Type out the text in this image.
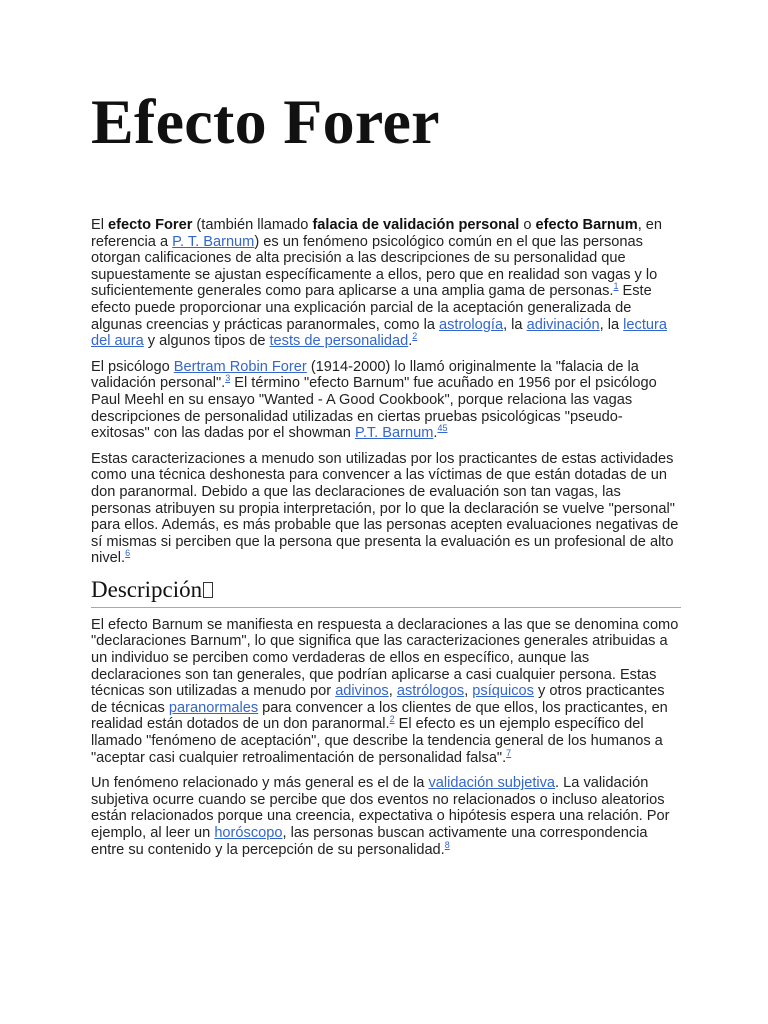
Efecto Forer

El efecto Forer (también llamado falacia de validación personal o efecto Barnum, en referencia a P. T. Barnum) es un fenómeno psicológico común en el que las personas otorgan calificaciones de alta precisión a las descripciones de su personalidad que supuestamente se ajustan específicamente a ellos, pero que en realidad son vagas y lo suficientemente generales como para aplicarse a una amplia gama de personas.$^1$ Este efecto puede proporcionar una explicación parcial de la aceptación generalizada de algunas creencias y prácticas paranormales, como la astrología, la adivinación, la lectura del aura y algunos tipos de tests de personalidad.$^2$

El psicólogo Bertram Robin Forer (1914-2000) lo llamó originalmente la "falacia de la validación personal".$^3$ El término "efecto Barnum" fue acuñado en 1956 por el psicólogo Paul Meehl en su ensayo "Wanted - A Good Cookbook", porque relaciona las vagas descripciones de personalidad utilizadas en ciertas pruebas psicológicas "pseudo-exitosas" con las dadas por el showman P.T. Barnum.$^{45}$

Estas caracterizaciones a menudo son utilizadas por los practicantes de estas actividades como una técnica deshonesta para convencer a las víctimas de que están dotadas de un don paranormal. Debido a que las declaraciones de evaluación son tan vagas, las personas atribuyen su propia interpretación, por lo que la declaración se vuelve "personal" para ellos. Además, es más probable que las personas acepten evaluaciones negativas de sí mismas si perciben que la persona que presenta la evaluación es un profesional de alto nivel.$^6$

Descripción

El efecto Barnum se manifiesta en respuesta a declaraciones a las que se denomina como "declaraciones Barnum", lo que significa que las caracterizaciones generales atribuidas a un individuo se perciben como verdaderas de ellos en específico, aunque las declaraciones son tan generales, que podrían aplicarse a casi cualquier persona. Estas técnicas son utilizadas a menudo por adivinos, astrólogos, psíquicos y otros practicantes de técnicas paranormales para convencer a los clientes de que ellos, los practicantes, en realidad están dotados de un don paranormal.$^2$ El efecto es un ejemplo específico del llamado "fenómeno de aceptación", que describe la tendencia general de los humanos a "aceptar casi cualquier retroalimentación de personalidad falsa".$^7$

Un fenómeno relacionado y más general es el de la validación subjetiva. La validación subjetiva ocurre cuando se percibe que dos eventos no relacionados o incluso aleatorios están relacionados porque una creencia, expectativa o hipótesis espera una relación. Por ejemplo, al leer un horóscopo, las personas buscan activamente una correspondencia entre su contenido y la percepción de su personalidad.$^8$
